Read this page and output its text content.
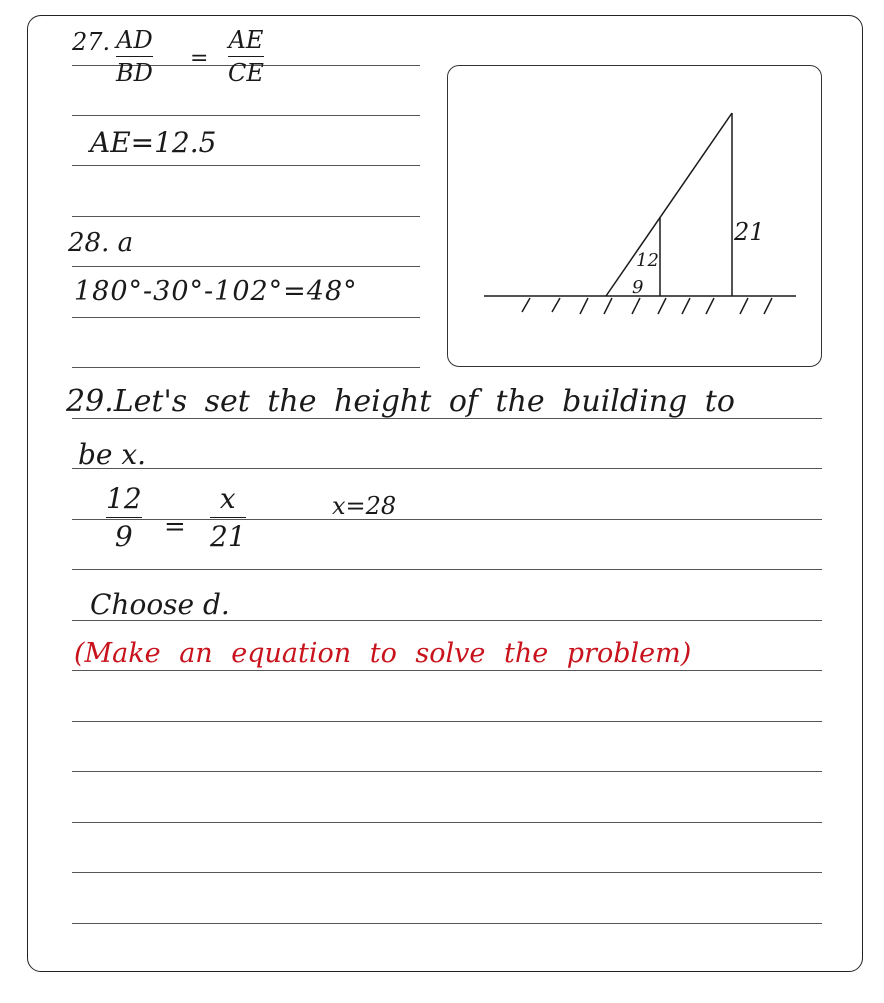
27. AD
BD
=
AE
CE
AE=12.5
28. a
180°-30°-102°=48°
12
9
21
29.Let's set the height of the building to
be x.
12
9 =
x
21
x=28
Choose d.
(Make an equation to solve the problem)
